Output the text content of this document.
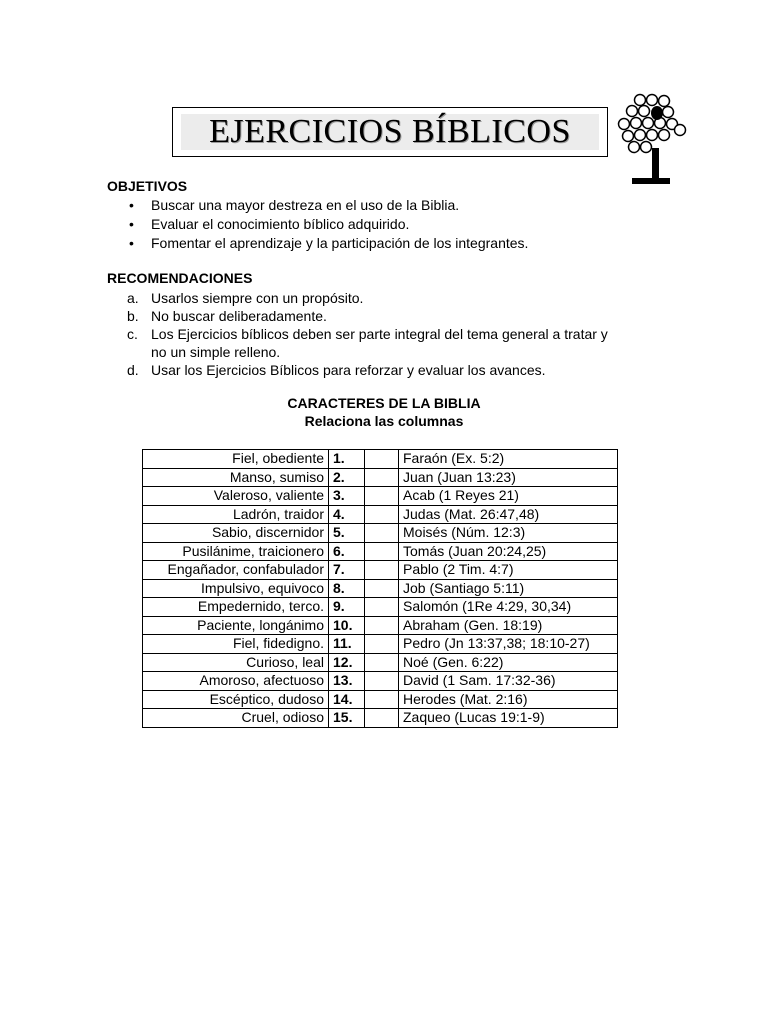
EJERCICIOS BÍBLICOS
OBJETIVOS
• Buscar una mayor destreza en el uso de la Biblia.
• Evaluar el conocimiento bíblico adquirido.
• Fomentar el aprendizaje y la participación de los integrantes.
RECOMENDACIONES
a. Usarlos siempre con un propósito.
b. No buscar deliberadamente.
c. Los Ejercicios bíblicos deben ser parte integral del tema general a tratar y
no un simple relleno.
d. Usar los Ejercicios Bíblicos para reforzar y evaluar los avances.
CARACTERES DE LA BIBLIA
Relaciona las columnas
Fiel, obediente	1.		Faraón (Ex. 5:2)
Manso, sumiso	2.		Juan (Juan 13:23)
Valeroso, valiente	3.		Acab (1 Reyes 21)
Ladrón, traidor	4.		Judas (Mat. 26:47,48)
Sabio, discernidor	5.		Moisés (Núm. 12:3)
Pusilánime, traicionero	6.		Tomás (Juan 20:24,25)
Engañador, confabulador	7.		Pablo (2 Tim. 4:7)
Impulsivo, equivoco	8.		Job (Santiago 5:11)
Empedernido, terco.	9.		Salomón (1Re 4:29, 30,34)
Paciente, longánimo	10.		Abraham (Gen. 18:19)
Fiel, fidedigno.	11.		Pedro (Jn 13:37,38; 18:10-27)
Curioso, leal	12.		Noé (Gen. 6:22)
Amoroso, afectuoso	13.		David (1 Sam. 17:32-36)
Escéptico, dudoso	14.		Herodes (Mat. 2:16)
Cruel, odioso	15.		Zaqueo (Lucas 19:1-9)
